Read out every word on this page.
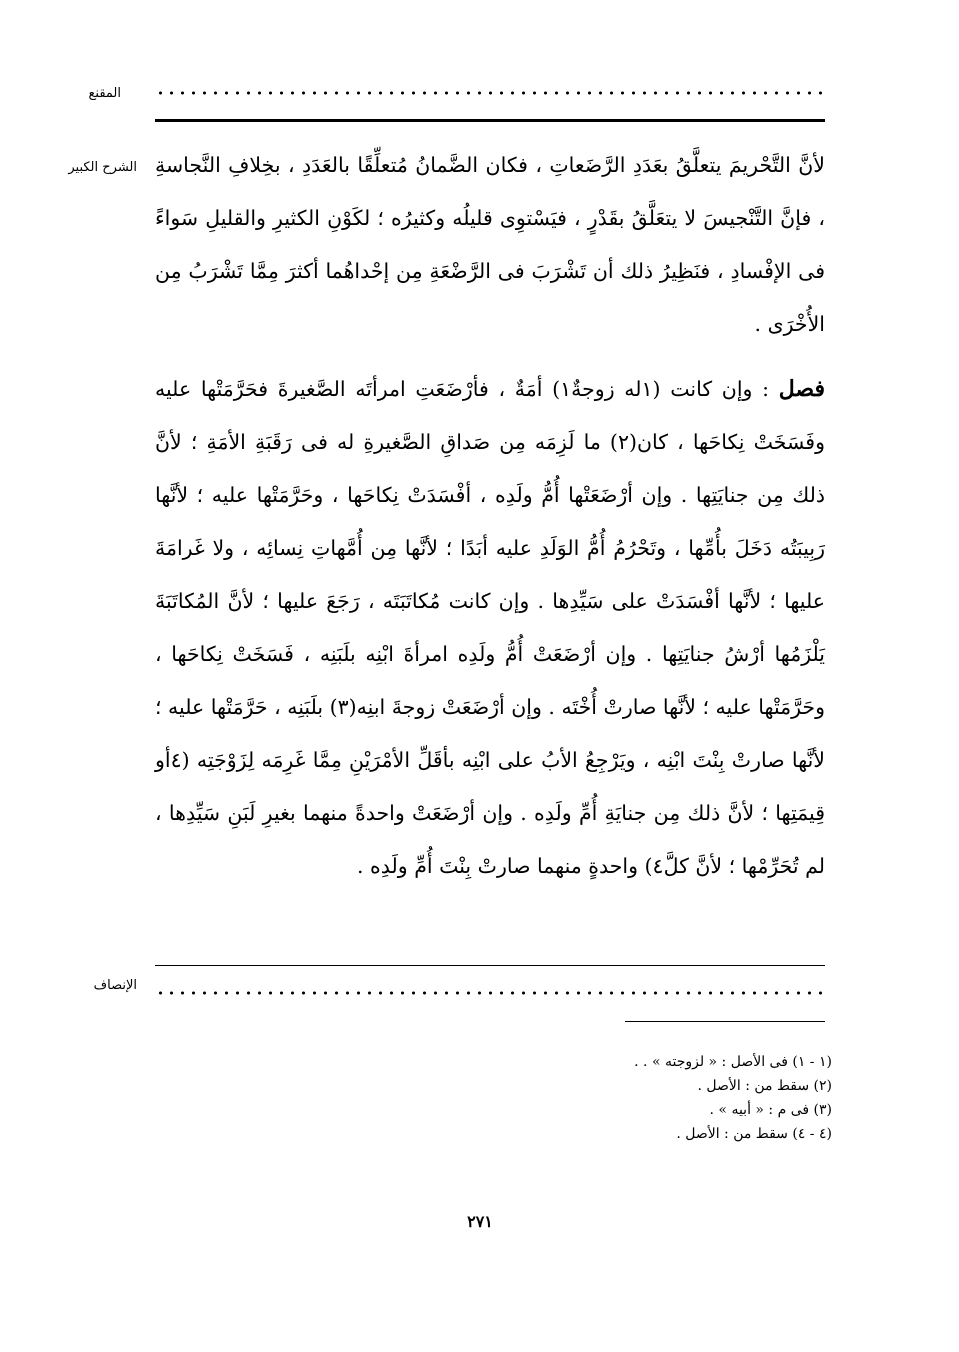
المقنع
الشرح الكبير لأنَّ التَّحْريمَ يتعلَّقُ بعَدَدِ الرَّضَعاتِ ، فكان الضَّمانُ مُتعلِّقًا بالعَدَدِ ، بخِلافِ النَّجاسةِ ، فإنَّ التَّنْجيسَ لا يتعَلَّقُ بقَدْرٍ ، فيَسْتوِى قليلُه وكثيرُه ؛ لكَوْنِ الكثيرِ والقليلِ سَواءً فى الإفْسادِ ، فنَظِيرُ ذلك أن تَشْرَبَ فى الرَّضْعَةِ مِن إحْداهُما أكثرَ مِمَّا تَشْرَبُ مِن الأُخْرَى .

فصل : وإن كانت (١له زوجةٌ١) أمَةٌ ، فأرْضَعَتِ امرأتَه الصَّغيرةَ فحَرَّمَتْها عليه وفَسَخَتْ نِكاحَها ، كان(٢) ما لَزِمَه مِن صَداقِ الصَّغيرةِ له فى رَقَبَةِ الأمَةِ ؛ لأنَّ ذلك مِن جنايَتِها . وإن أرْضَعَتْها أُمُّ ولَدِه ، أفْسَدَتْ نِكاحَها ، وحَرَّمَتْها عليه ؛ لأنَّها رَبِيبَتُه دَخَلَ بأُمِّها ، وتَحْرُمُ أُمُّ الوَلَدِ عليه أبَدًا ؛ لأنَّها مِن أُمَّهاتِ نِسائِه ، ولا غَرامَةَ عليها ؛ لأنَّها أفْسَدَتْ على سَيِّدِها . وإن كانت مُكاتَبَتَه ، رَجَعَ عليها ؛ لأنَّ المُكاتَبَةَ يَلْزَمُها أرْشُ جنايَتِها . وإن أرْضَعَتْ أُمُّ ولَدِه امرأةَ ابْنِه بلَبَنِه ، فَسَخَتْ نِكاحَها ، وحَرَّمَتْها عليه ؛ لأنَّها صارتْ أُخْتَه . وإن أرْضَعَتْ زوجةَ ابنِه(٣) بلَبَنِه ، حَرَّمَتْها عليه ؛ لأنَّها صارتْ بِنْتَ ابْنِه ، ويَرْجِعُ الأبُ على ابْنِه بأقَلِّ الأمْرَيْنِ مِمَّا غَرِمَه لِزَوْجَتِه (٤أو قِيمَتِها ؛ لأنَّ ذلك مِن جنايَةِ أُمِّ ولَدِه . وإن أرْضَعَتْ واحدةً منهما بغيرِ لَبَنِ سَيِّدِها ، لم تُحَرِّمْها ؛ لأنَّ كلَّ٤) واحدةٍ منهما صارتْ بِنْتَ أُمِّ ولَدِه .

الإنصاف
(١ - ١) فى الأصل : « لزوجته » . .
(٢) سقط من : الأصل .
(٣) فى م : « أبيه » .
(٤ - ٤) سقط من : الأصل .
٢٧١
